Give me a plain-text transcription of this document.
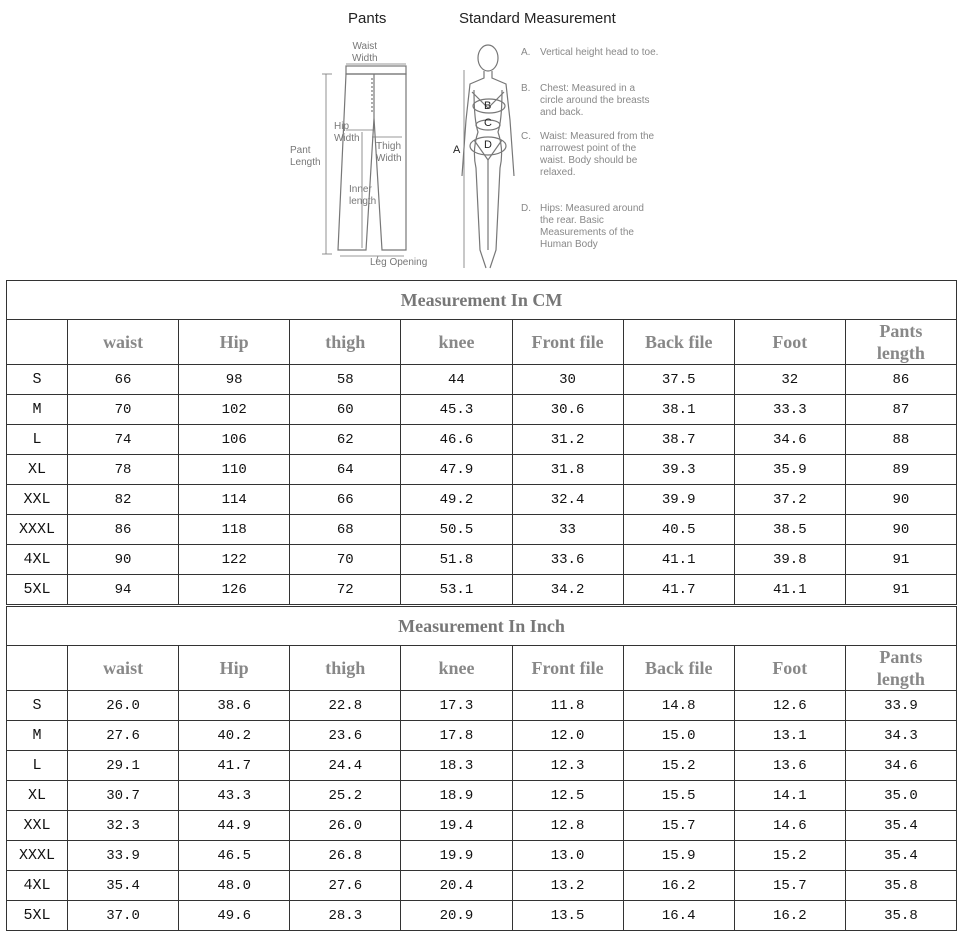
Pants	Standard Measurement
Waist
Width
Hip
Width
Thigh
Width
Pant
Length
Inner
length
Leg Opening
A
B
C
D
A. Vertical height head to toe.
B. Chest: Measured in a circle around the breasts and back.
C. Waist: Measured from the narrowest point of the waist. Body should be relaxed.
D. Hips: Measured around the rear. Basic Measurements of the Human Body
Measurement In CM								
	waist	Hip	thigh	knee	Front file	Back file	Foot	Pants length
S	66	98	58	44	30	37.5	32	86
M	70	102	60	45.3	30.6	38.1	33.3	87
L	74	106	62	46.6	31.2	38.7	34.6	88
XL	78	110	64	47.9	31.8	39.3	35.9	89
XXL	82	114	66	49.2	32.4	39.9	37.2	90
XXXL	86	118	68	50.5	33	40.5	38.5	90
4XL	90	122	70	51.8	33.6	41.1	39.8	91
5XL	94	126	72	53.1	34.2	41.7	41.1	91
Measurement In Inch								
	waist	Hip	thigh	knee	Front file	Back file	Foot	Pants length
S	26.0	38.6	22.8	17.3	11.8	14.8	12.6	33.9
M	27.6	40.2	23.6	17.8	12.0	15.0	13.1	34.3
L	29.1	41.7	24.4	18.3	12.3	15.2	13.6	34.6
XL	30.7	43.3	25.2	18.9	12.5	15.5	14.1	35.0
XXL	32.3	44.9	26.0	19.4	12.8	15.7	14.6	35.4
XXXL	33.9	46.5	26.8	19.9	13.0	15.9	15.2	35.4
4XL	35.4	48.0	27.6	20.4	13.2	16.2	15.7	35.8
5XL	37.0	49.6	28.3	20.9	13.5	16.4	16.2	35.8
